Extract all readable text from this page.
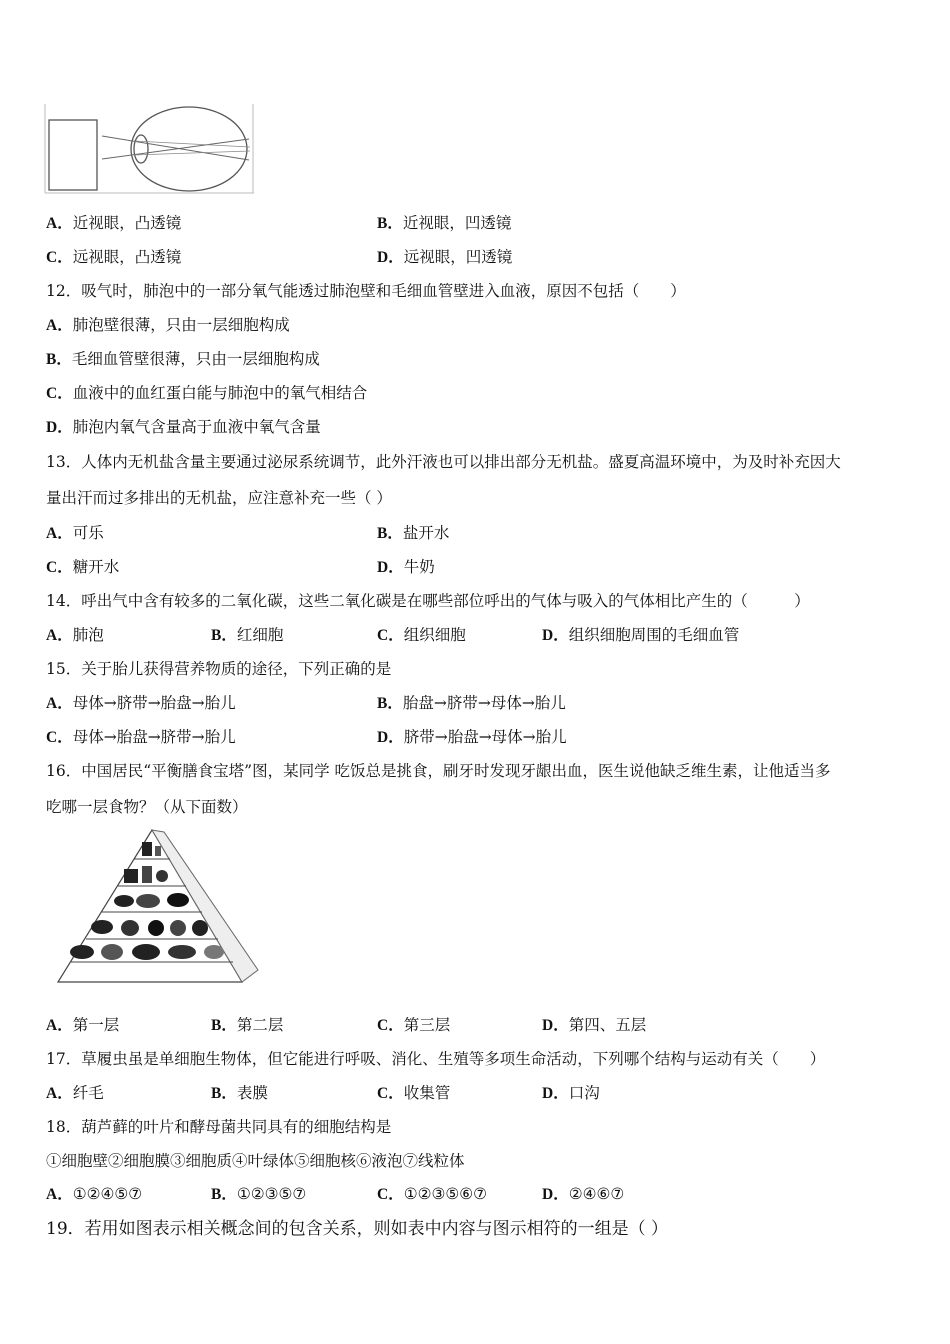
A．近视眼，凸透镜	B．近视眼，凹透镜
C．远视眼，凸透镜	D．远视眼，凹透镜
12．吸气时，肺泡中的一部分氧气能透过肺泡壁和毛细血管壁进入血液，原因不包括（　　）
A．肺泡壁很薄，只由一层细胞构成
B．毛细血管壁很薄，只由一层细胞构成
C．血液中的血红蛋白能与肺泡中的氧气相结合
D．肺泡内氧气含量高于血液中氧气含量
13．人体内无机盐含量主要通过泌尿系统调节，此外汗液也可以排出部分无机盐。盛夏高温环境中，为及时补充因大
量出汗而过多排出的无机盐，应注意补充一些（ ）
A．可乐	B．盐开水
C．糖开水	D．牛奶
14．呼出气中含有较多的二氧化碳，这些二氧化碳是在哪些部位呼出的气体与吸入的气体相比产生的（　　　）
A．肺泡	B．红细胞	C．组织细胞	D．组织细胞周围的毛细血管
15．关于胎儿获得营养物质的途径，下列正确的是
A．母体→脐带→胎盘→胎儿	B．胎盘→脐带→母体→胎儿
C．母体→胎盘→脐带→胎儿	D．脐带→胎盘→母体→胎儿
16．中国居民“平衡膳食宝塔”图，某同学 吃饭总是挑食，刷牙时发现牙龈出血，医生说他缺乏维生素，让他适当多
吃哪一层食物？（从下面数）
A．第一层	B．第二层	C．第三层	D．第四、五层
17．草履虫虽是单细胞生物体，但它能进行呼吸、消化、生殖等多项生命活动，下列哪个结构与运动有关（　　）
A．纤毛	B．表膜	C．收集管	D．口沟
18．葫芦藓的叶片和酵母菌共同具有的细胞结构是
①细胞壁②细胞膜③细胞质④叶绿体⑤细胞核⑥液泡⑦线粒体
A．①②④⑤⑦	B．①②③⑤⑦	C．①②③⑤⑥⑦	D．②④⑥⑦
19．若用如图表示相关概念间的包含关系，则如表中内容与图示相符的一组是（ ）
